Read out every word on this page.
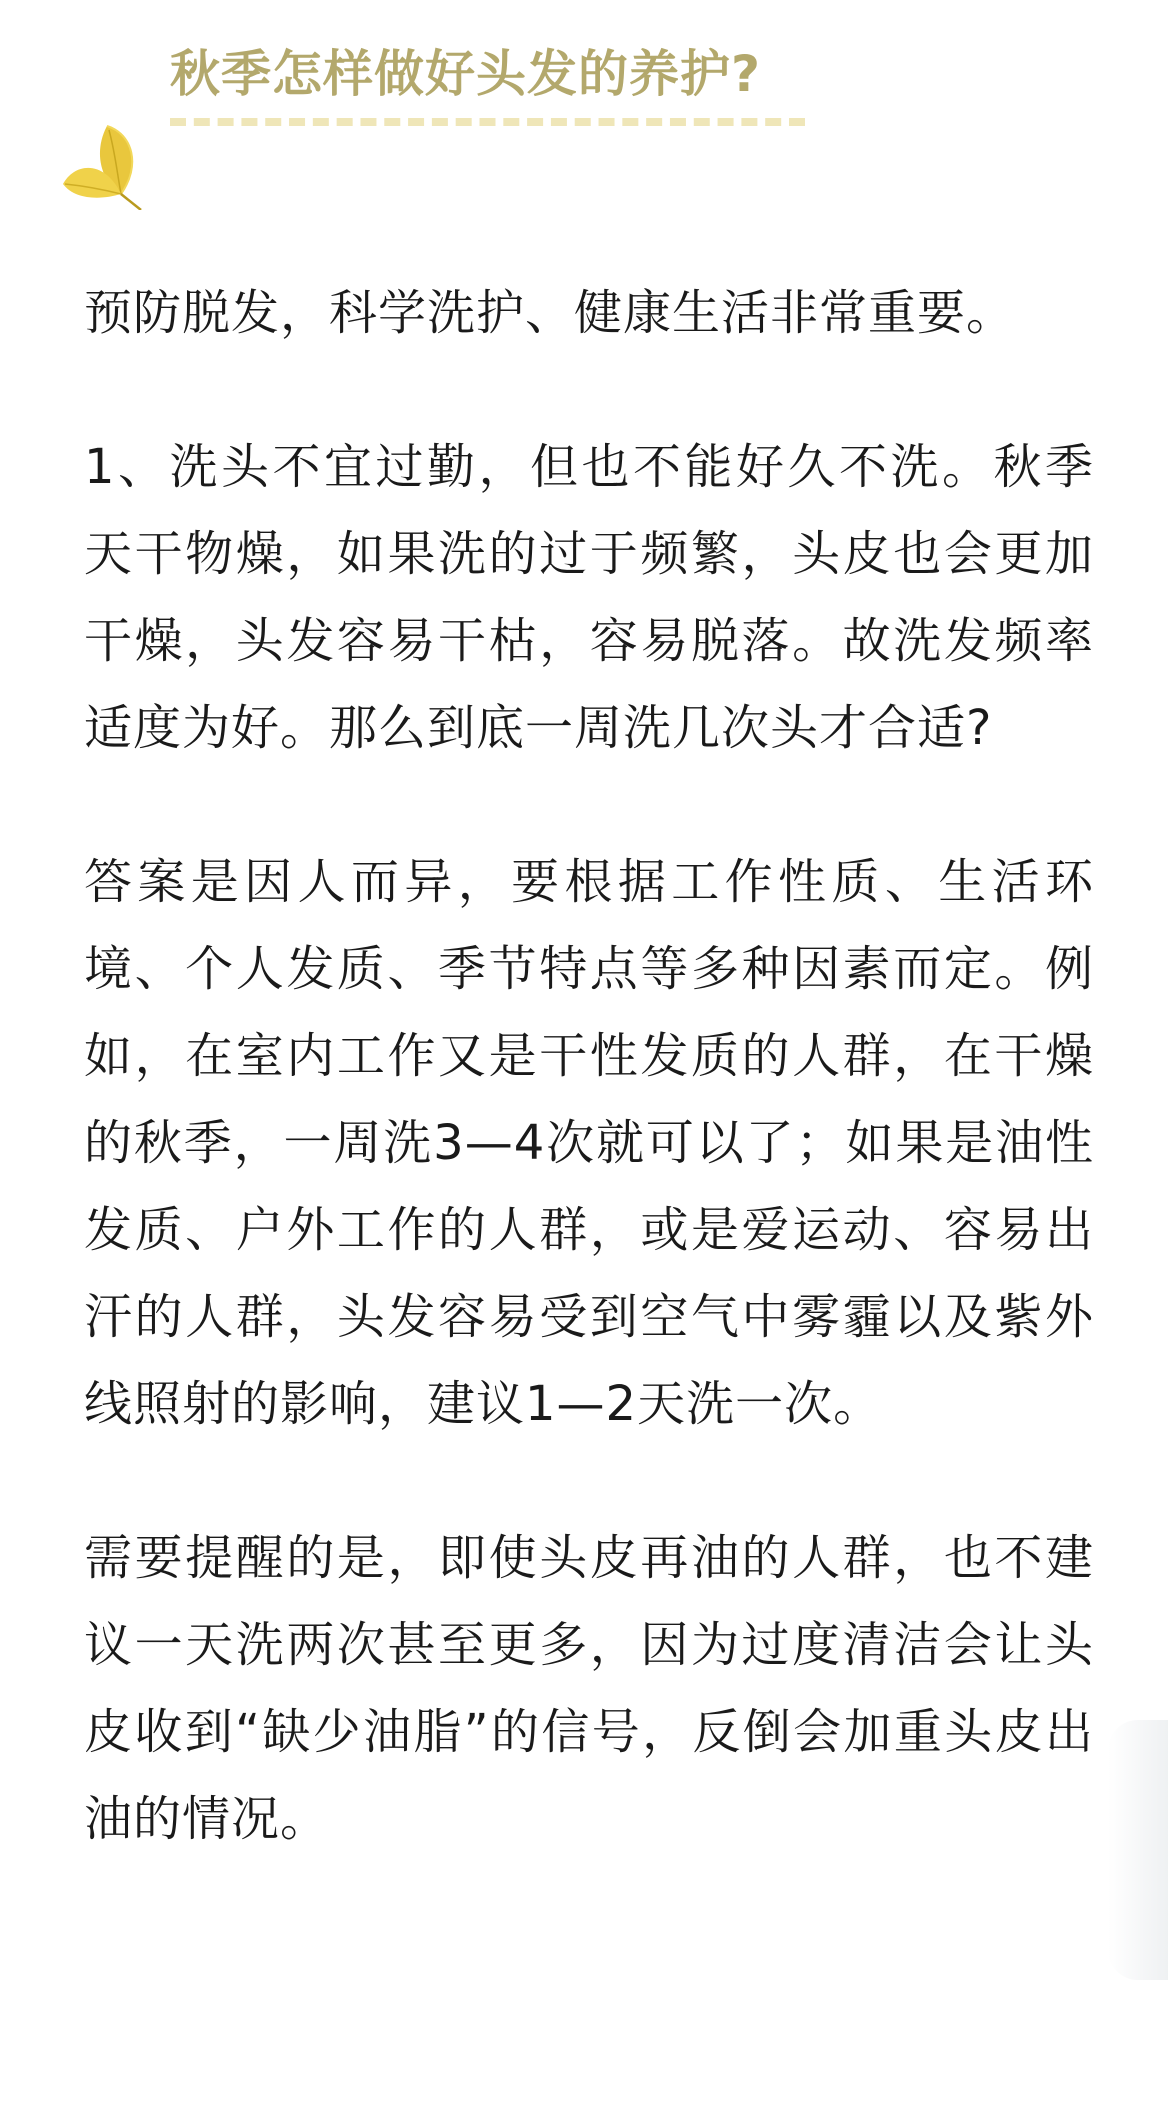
秋季怎样做好头发的养护?

预防脱发，科学洗护、健康生活非常重要。

1、洗头不宜过勤，但也不能好久不洗。秋季天干物燥，如果洗的过于频繁，头皮也会更加干燥，头发容易干枯，容易脱落。故洗发频率适度为好。那么到底一周洗几次头才合适?

答案是因人而异，要根据工作性质、生活环境、个人发质、季节特点等多种因素而定。例如，在室内工作又是干性发质的人群，在干燥的秋季，一周洗3—4次就可以了；如果是油性发质、户外工作的人群，或是爱运动、容易出汗的人群，头发容易受到空气中雾霾以及紫外线照射的影响，建议1—2天洗一次。

需要提醒的是，即使头皮再油的人群，也不建议一天洗两次甚至更多，因为过度清洁会让头皮收到“缺少油脂”的信号，反倒会加重头皮出油的情况。
